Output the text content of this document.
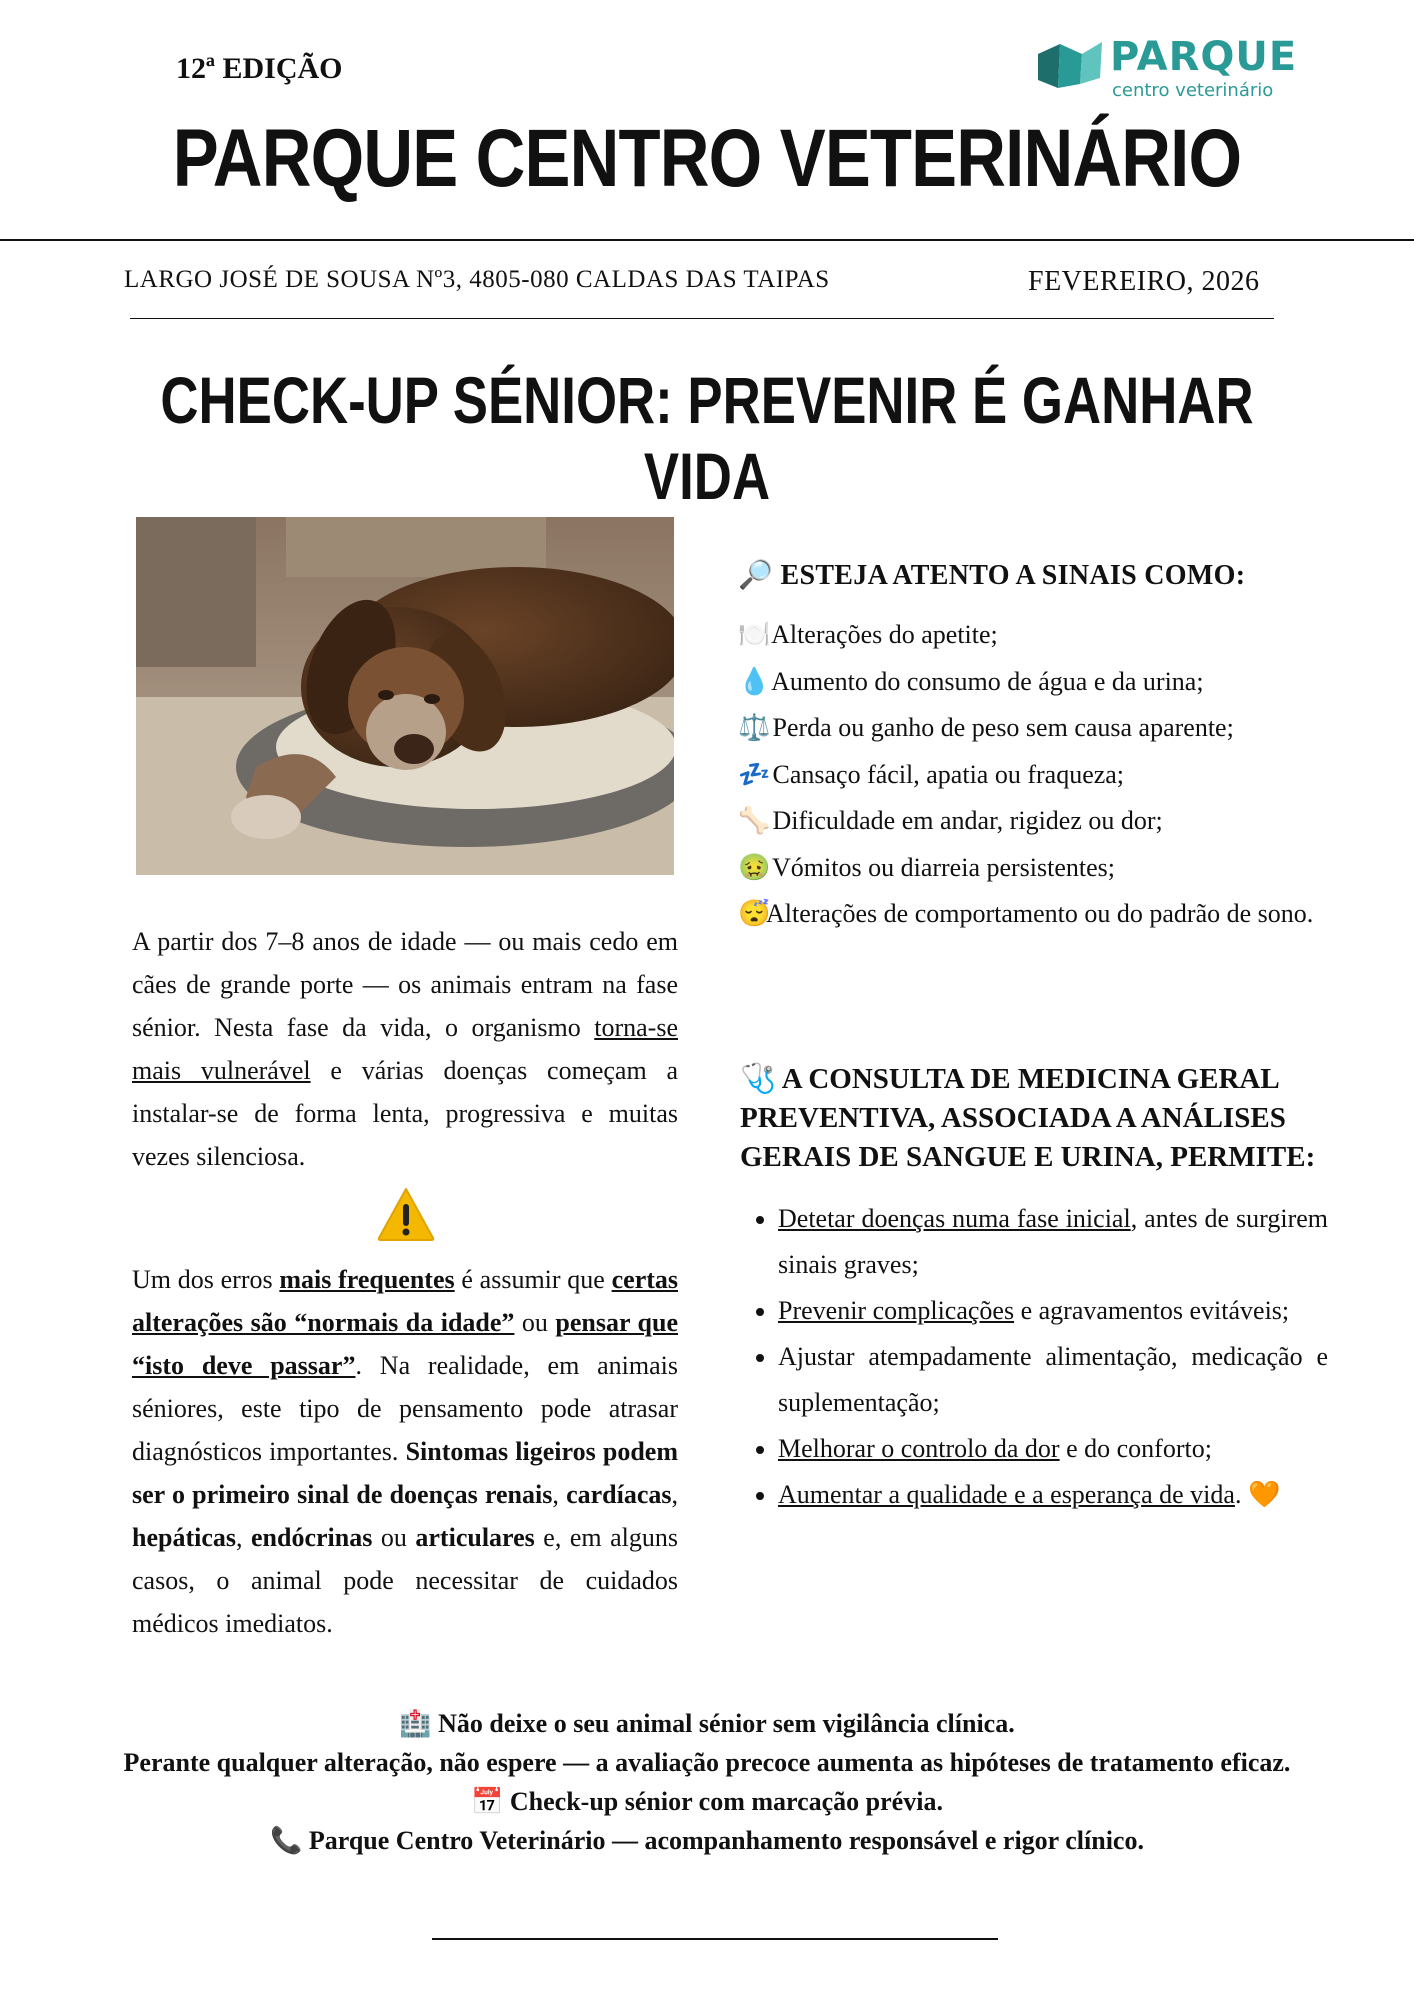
12ª EDIÇÃO	PARQUE
centro veterinário
PARQUE CENTRO VETERINÁRIO
LARGO JOSÉ DE SOUSA Nº3, 4805-080 CALDAS DAS TAIPAS	FEVEREIRO, 2026
CHECK-UP SÉNIOR: PREVENIR É GANHAR VIDA
A partir dos 7–8 anos de idade — ou mais cedo em cães de grande porte — os animais entram na fase sénior. Nesta fase da vida, o organismo torna-se mais vulnerável e várias doenças começam a instalar-se de forma lenta, progressiva e muitas vezes silenciosa.
Um dos erros mais frequentes é assumir que certas alterações são “normais da idade” ou pensar que “isto deve passar”. Na realidade, em animais séniores, este tipo de pensamento pode atrasar diagnósticos importantes. Sintomas ligeiros podem ser o primeiro sinal de doenças renais, cardíacas, hepáticas, endócrinas ou articulares e, em alguns casos, o animal pode necessitar de cuidados médicos imediatos.
🔎 ESTEJA ATENTO A SINAIS COMO:
🍽️ Alterações do apetite;
💧 Aumento do consumo de água e da urina;
⚖️ Perda ou ganho de peso sem causa aparente;
💤 Cansaço fácil, apatia ou fraqueza;
🦴 Dificuldade em andar, rigidez ou dor;
🤢 Vómitos ou diarreia persistentes;
😴Alterações de comportamento ou do padrão de sono.
🩺 A CONSULTA DE MEDICINA GERAL PREVENTIVA, ASSOCIADA A ANÁLISES GERAIS DE SANGUE E URINA, PERMITE:
• Detetar doenças numa fase inicial, antes de surgirem sinais graves;
• Prevenir complicações e agravamentos evitáveis;
• Ajustar atempadamente alimentação, medicação e suplementação;
• Melhorar o controlo da dor e do conforto;
• Aumentar a qualidade e a esperança de vida. 🧡
🏥 Não deixe o seu animal sénior sem vigilância clínica.
Perante qualquer alteração, não espere — a avaliação precoce aumenta as hipóteses de tratamento eficaz.
📅 Check-up sénior com marcação prévia.
📞 Parque Centro Veterinário — acompanhamento responsável e rigor clínico.
